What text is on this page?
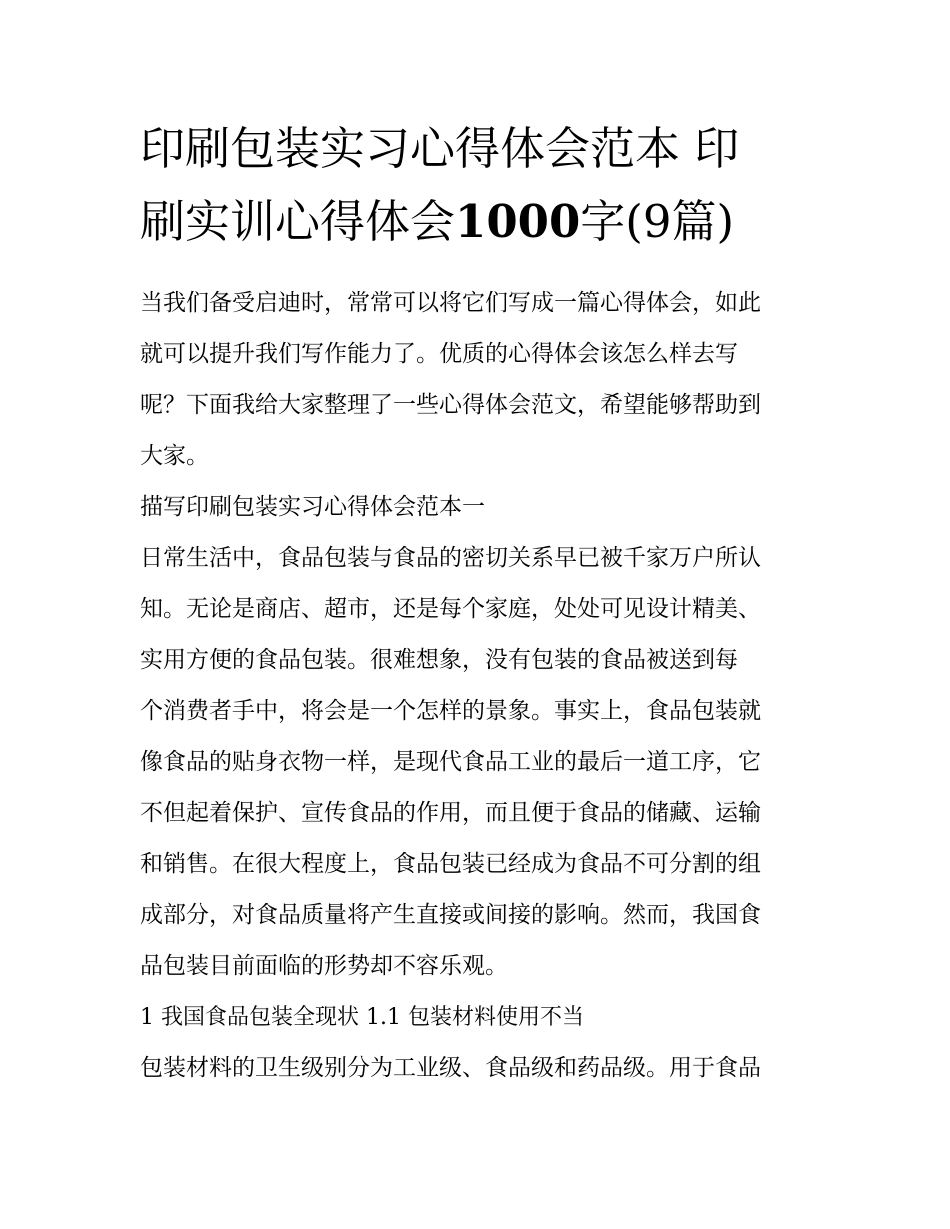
印刷包装实习心得体会范本 印
刷实训心得体会1000字(9篇)
当我们备受启迪时，常常可以将它们写成一篇心得体会，如此
就可以提升我们写作能力了。优质的心得体会该怎么样去写
呢？下面我给大家整理了一些心得体会范文，希望能够帮助到
大家。
描写印刷包装实习心得体会范本一
日常生活中，食品包装与食品的密切关系早已被千家万户所认
知。无论是商店、超市，还是每个家庭，处处可见设计精美、
实用方便的食品包装。很难想象，没有包装的食品被送到每
个消费者手中，将会是一个怎样的景象。事实上，食品包装就
像食品的贴身衣物一样，是现代食品工业的最后一道工序，它
不但起着保护、宣传食品的作用，而且便于食品的储藏、运输
和销售。在很大程度上，食品包装已经成为食品不可分割的组
成部分，对食品质量将产生直接或间接的影响。然而，我国食
品包装目前面临的形势却不容乐观。
1 我国食品包装全现状 1.1 包装材料使用不当
包装材料的卫生级别分为工业级、食品级和药品级。用于食品
